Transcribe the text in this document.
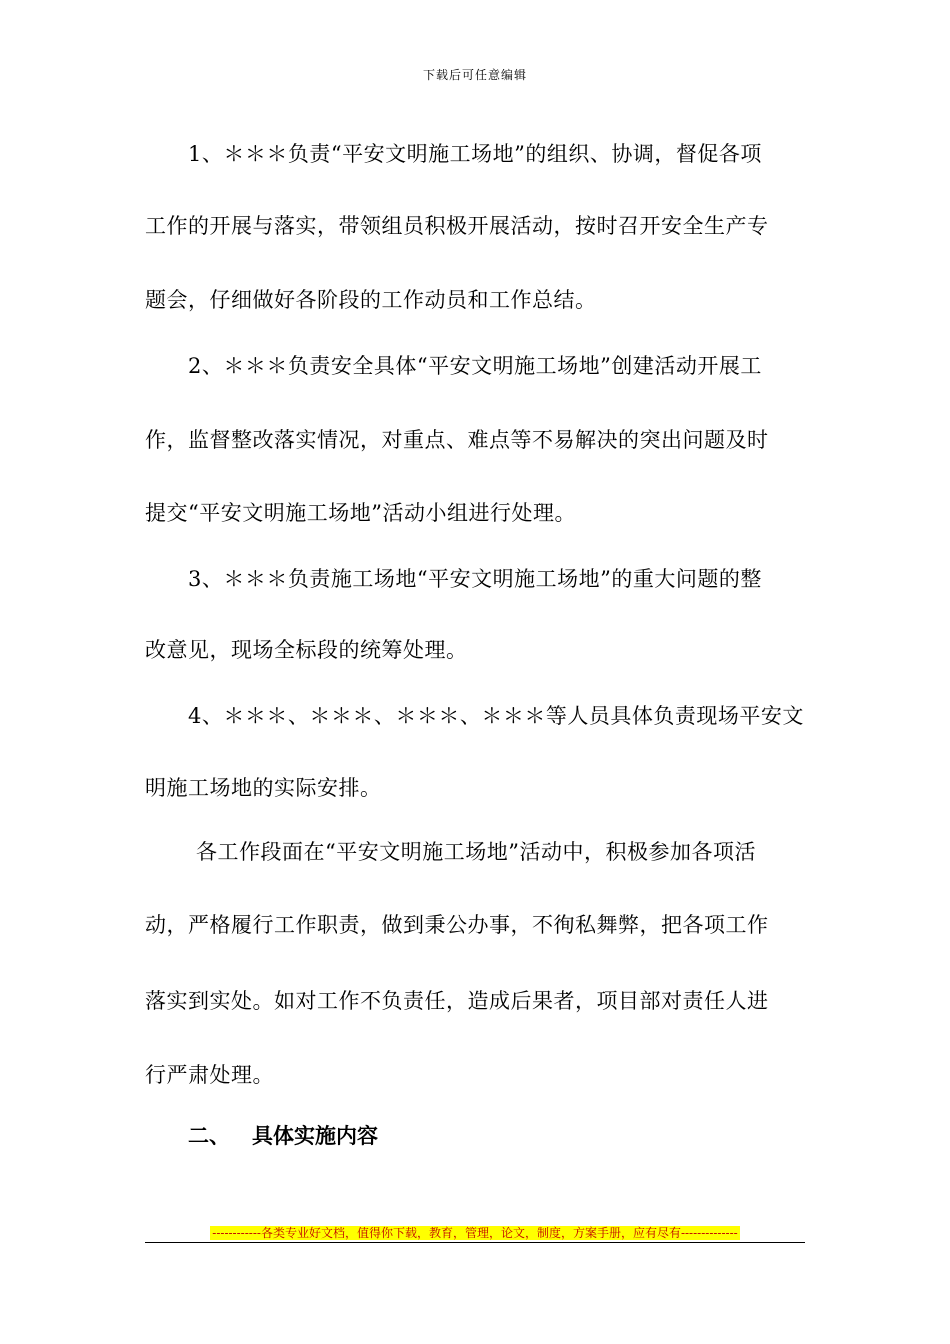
下载后可任意编辑
1、＊＊＊负责“平安文明施工场地”的组织、协调，督促各项
工作的开展与落实，带领组员积极开展活动，按时召开安全生产专
题会，仔细做好各阶段的工作动员和工作总结。
2、＊＊＊负责安全具体“平安文明施工场地”创建活动开展工
作，监督整改落实情况，对重点、难点等不易解决的突出问题及时
提交“平安文明施工场地”活动小组进行处理。
3、＊＊＊负责施工场地“平安文明施工场地”的重大问题的整
改意见，现场全标段的统筹处理。
4、＊＊＊、＊＊＊、＊＊＊、＊＊＊等人员具体负责现场平安文
明施工场地的实际安排。
各工作段面在“平安文明施工场地”活动中，积极参加各项活
动，严格履行工作职责，做到秉公办事，不徇私舞弊，把各项工作
落实到实处。如对工作不负责任，造成后果者，项目部对责任人进
行严肃处理。
二、 具体实施内容
------------各类专业好文档，值得你下载，教育，管理，论文，制度，方案手册，应有尽有--------------
